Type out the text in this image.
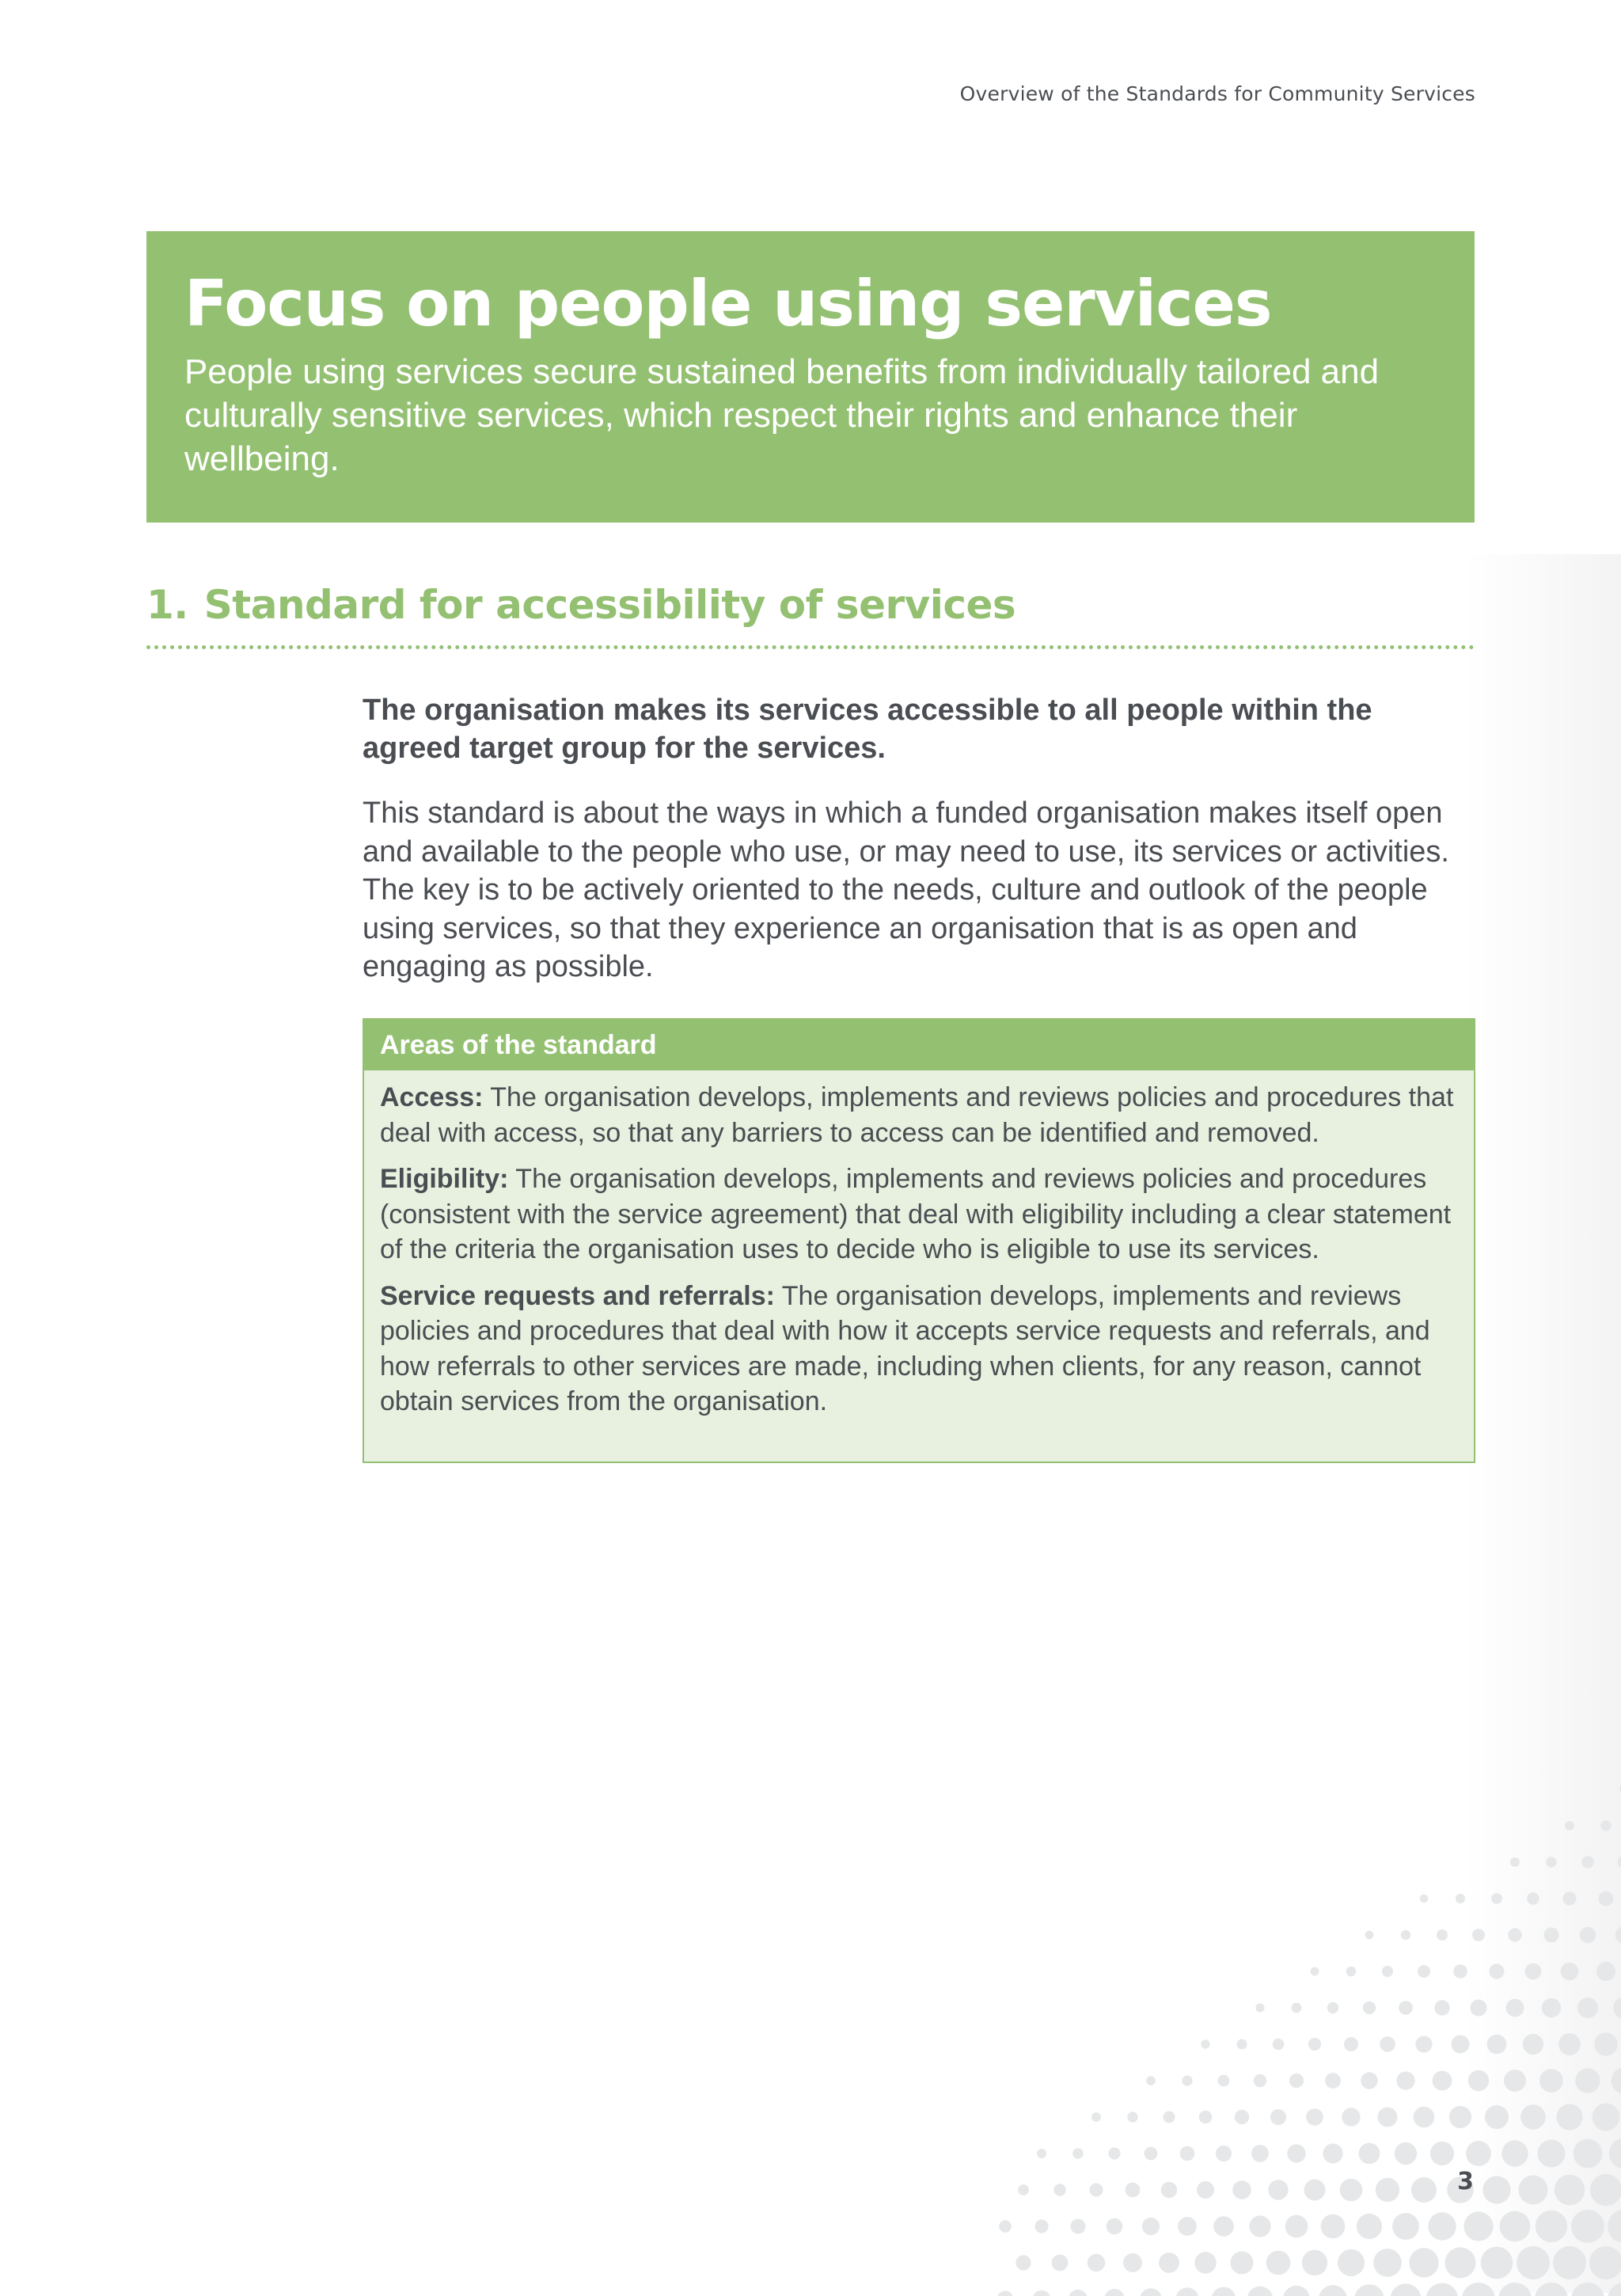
Overview of the Standards for Community Services
Focus on people using services

People using services secure sustained benefits from individually tailored and culturally sensitive services, which respect their rights and enhance their wellbeing.

1. Standard for accessibility of services

The organisation makes its services accessible to all people within the agreed target group for the services.

This standard is about the ways in which a funded organisation makes itself open and available to the people who use, or may need to use, its services or activities. The key is to be actively oriented to the needs, culture and outlook of the people using services, so that they experience an organisation that is as open and engaging as possible.

Areas of the standard

Access: The organisation develops, implements and reviews policies and procedures that deal with access, so that any barriers to access can be identified and removed.

Eligibility: The organisation develops, implements and reviews policies and procedures (consistent with the service agreement) that deal with eligibility including a clear statement of the criteria the organisation uses to decide who is eligible to use its services.

Service requests and referrals: The organisation develops, implements and reviews policies and procedures that deal with how it accepts service requests and referrals, and how referrals to other services are made, including when clients, for any reason, cannot obtain services from the organisation.

3
